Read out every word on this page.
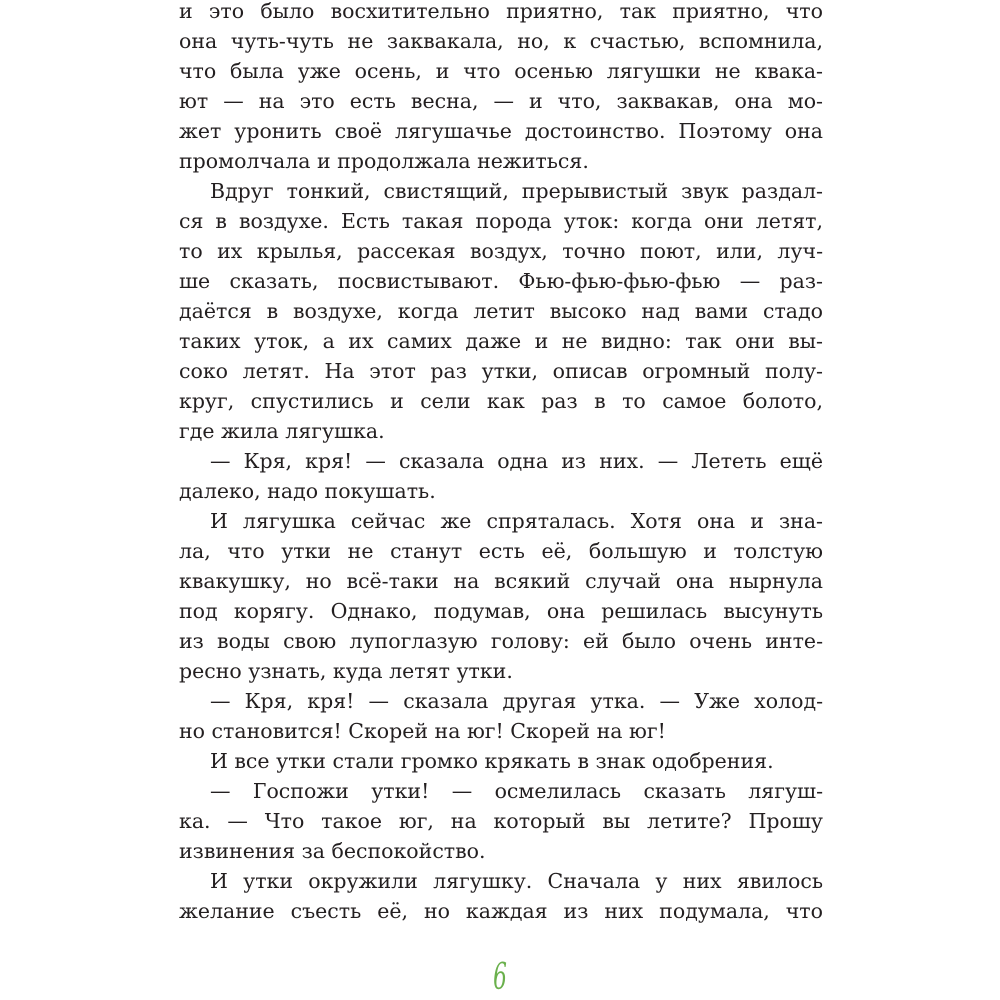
и это было восхитительно приятно, так приятно, что
она чуть-чуть не заквакала, но, к счастью, вспомнила,
что была уже осень, и что осенью лягушки не квака-
ют — на это есть весна, — и что, заквакав, она мо-
жет уронить своё лягушачье достоинство. Поэтому она
промолчала и продолжала нежиться.
Вдруг тонкий, свистящий, прерывистый звук раздал-
ся в воздухе. Есть такая порода уток: когда они летят,
то их крылья, рассекая воздух, точно поют, или, луч-
ше сказать, посвистывают. Фью-фью-фью-фью — раз-
даётся в воздухе, когда летит высоко над вами стадо
таких уток, а их самих даже и не видно: так они вы-
соко летят. На этот раз утки, описав огромный полу-
круг, спустились и сели как раз в то самое болото,
где жила лягушка.
— Кря, кря! — сказала одна из них. — Лететь ещё
далеко, надо покушать.
И лягушка сейчас же спряталась. Хотя она и зна-
ла, что утки не станут есть её, большую и толстую
квакушку, но всё-таки на всякий случай она нырнула
под корягу. Однако, подумав, она решилась высунуть
из воды свою лупоглазую голову: ей было очень инте-
ресно узнать, куда летят утки.
— Кря, кря! — сказала другая утка. — Уже холод-
но становится! Скорей на юг! Скорей на юг!
И все утки стали громко крякать в знак одобрения.
— Госпожи утки! — осмелилась сказать лягуш-
ка. — Что такое юг, на который вы летите? Прошу
извинения за беспокойство.
И утки окружили лягушку. Сначала у них явилось
желание съесть её, но каждая из них подумала, что
6
